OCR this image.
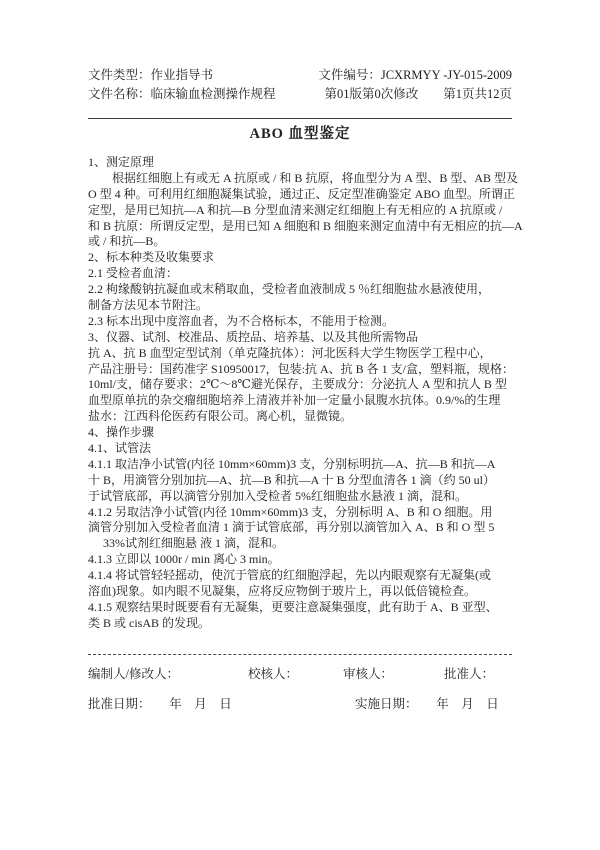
文件类型：作业指导书	文件编号：JCXRMYY -JY-015-2009
文件名称：临床输血检测操作规程	第01版第0次修改　　第1页共12页
ABO 血型鉴定
1、测定原理
　　根据红细胞上有或无 A 抗原或 / 和 B 抗原，将血型分为 A 型、B 型、AB 型及
O 型 4 种。可利用红细胞凝集试验，通过正、反定型准确鉴定 ABO 血型。所谓正
定型，是用已知抗—A 和抗—B 分型血清来测定红细胞上有无相应的 A 抗原或 /
和 B 抗原：所谓反定型，是用已知 A 细胞和 B 细胞来测定血清中有无相应的抗—A
或 / 和抗—B。
2、标本种类及收集要求
2.1 受检者血清：
2.2 枸缘酸钠抗凝血或末稍取血，受检者血液制成 5 ％红细胞盐水悬液使用，
制备方法见本节附注。
2.3 标本出现中度溶血者，为不合格标本，不能用于检测。
3、仪器、试剂、校准品、质控品、培养基、以及其他所需物品
抗 A、抗 B 血型定型试剂（单克隆抗体）：河北医科大学生物医学工程中心，
产品注册号：国药准字 S10950017，包装:抗 A、抗 B 各 1 支/盒，塑料瓶，规格：
10ml/支，储存要求：2℃～8℃避光保存，主要成分：分泌抗人 A 型和抗人 B 型
血型原单抗的杂交瘤细胞培养上清液并补加一定量小鼠腹水抗体。0.9/%的生理
盐水：江西科伦医药有限公司。离心机，显微镜。
4、操作步骤
4.1、试管法
4.1.1 取洁净小试管(内径 10mm×60mm)3 支，分别标明抗—A、抗—B 和抗—A
十 B，用滴管分别加抗—A、抗—B 和抗—A 十 B 分型血清各 1 滴（约 50 ul）
于试管底部，再以滴管分别加入受检者 5%红细胞盐水悬液 1 滴，混和。
4.1.2 另取洁净小试管(内径 10mm×60mm)3 支，分别标明 A、B 和 O 细胞。用
滴管分别加入受检者血清 1 滴于试管底部，再分别以滴管加入 A、B 和 O 型 5
　 33%试剂红细胞悬 液 1 滴，混和。
4.1.3 立即以 1000r / min 离心 3 min。
4.1.4 将试管轻轻摇动，使沉于管底的红细胞浮起，先以内眼观察有无凝集(或
溶血)现象。如内眼不见凝集，应将反应物倒于玻片上，再以低倍镜检查。
4.1.5 观察结果时既要看有无凝集，更要注意凝集强度，此有助于 A、B 亚型、
类 B 或 cisAB 的发现。
编制人/修改人：	校核人：	审核人：	批准人：
批准日期：      年    月    日	实施日期：      年    月    日
